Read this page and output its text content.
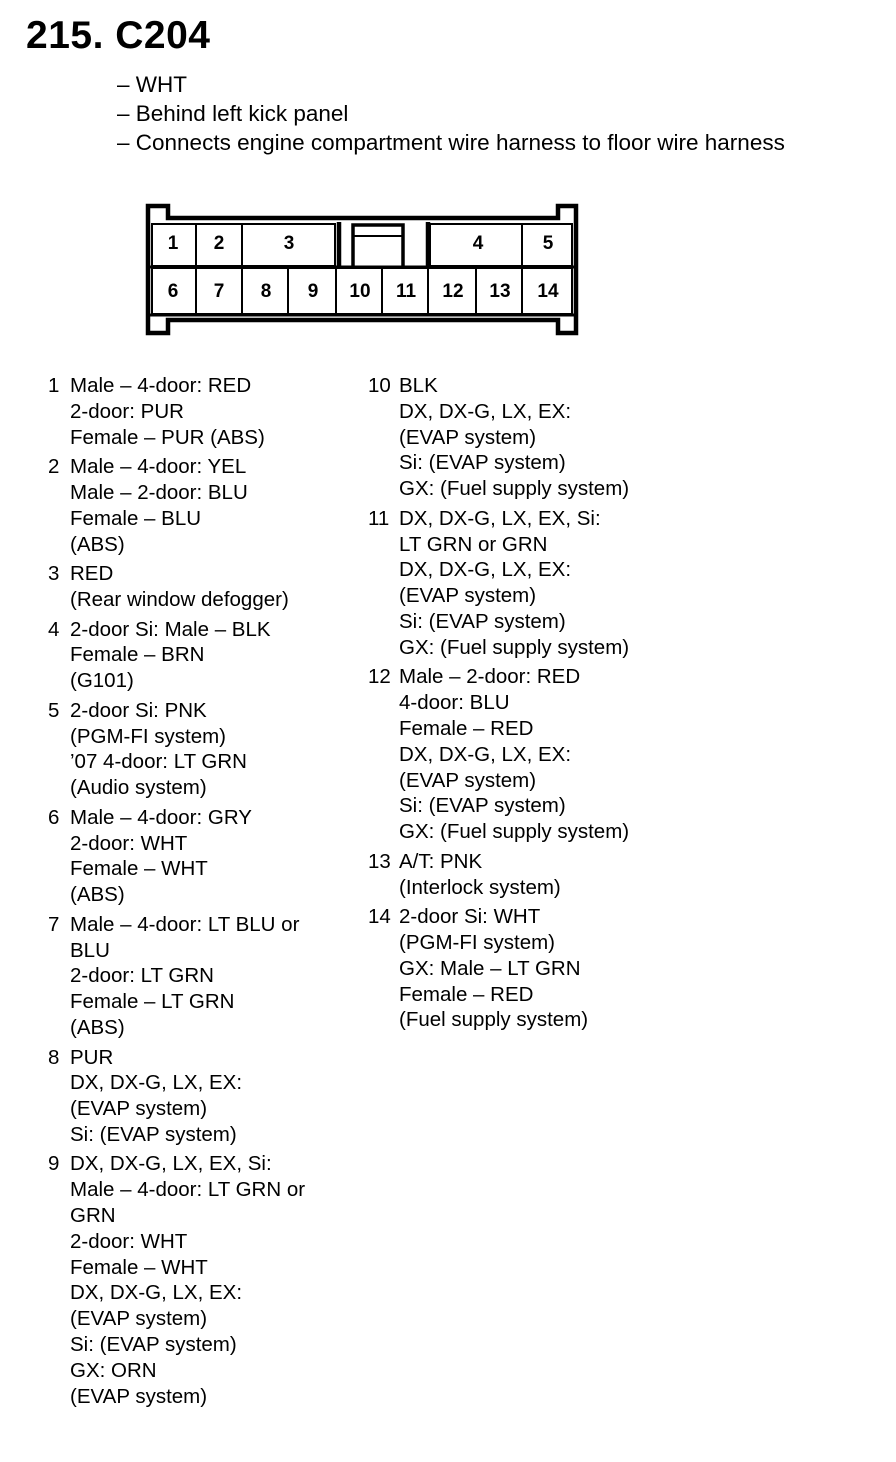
215. C204
– WHT
– Behind left kick panel
– Connects engine compartment wire harness to floor wire harness
1 2	3	4	5
6 7 8 9 10 11 12 13 14
1 Male – 4-door: RED
2-door: PUR
Female – PUR (ABS)
2 Male – 4-door: YEL
Male – 2-door: BLU
Female – BLU
(ABS)
3 RED
(Rear window defogger)
4 2-door Si: Male – BLK
Female – BRN
(G101)
5 2-door Si: PNK
(PGM-FI system)
’07 4-door: LT GRN
(Audio system)
6 Male – 4-door: GRY
2-door: WHT
Female – WHT
(ABS)
7 Male – 4-door: LT BLU or
BLU
2-door: LT GRN
Female – LT GRN
(ABS)
8 PUR
DX, DX-G, LX, EX:
(EVAP system)
Si: (EVAP system)
9 DX, DX-G, LX, EX, Si:
Male – 4-door: LT GRN or
GRN
2-door: WHT
Female – WHT
DX, DX-G, LX, EX:
(EVAP system)
Si: (EVAP system)
GX: ORN
(EVAP system)
10 BLK
DX, DX-G, LX, EX:
(EVAP system)
Si: (EVAP system)
GX: (Fuel supply system)
11 DX, DX-G, LX, EX, Si:
LT GRN or GRN
DX, DX-G, LX, EX:
(EVAP system)
Si: (EVAP system)
GX: (Fuel supply system)
12 Male – 2-door: RED
4-door: BLU
Female – RED
DX, DX-G, LX, EX:
(EVAP system)
Si: (EVAP system)
GX: (Fuel supply system)
13 A/T: PNK
(Interlock system)
14 2-door Si: WHT
(PGM-FI system)
GX: Male – LT GRN
Female – RED
(Fuel supply system)
